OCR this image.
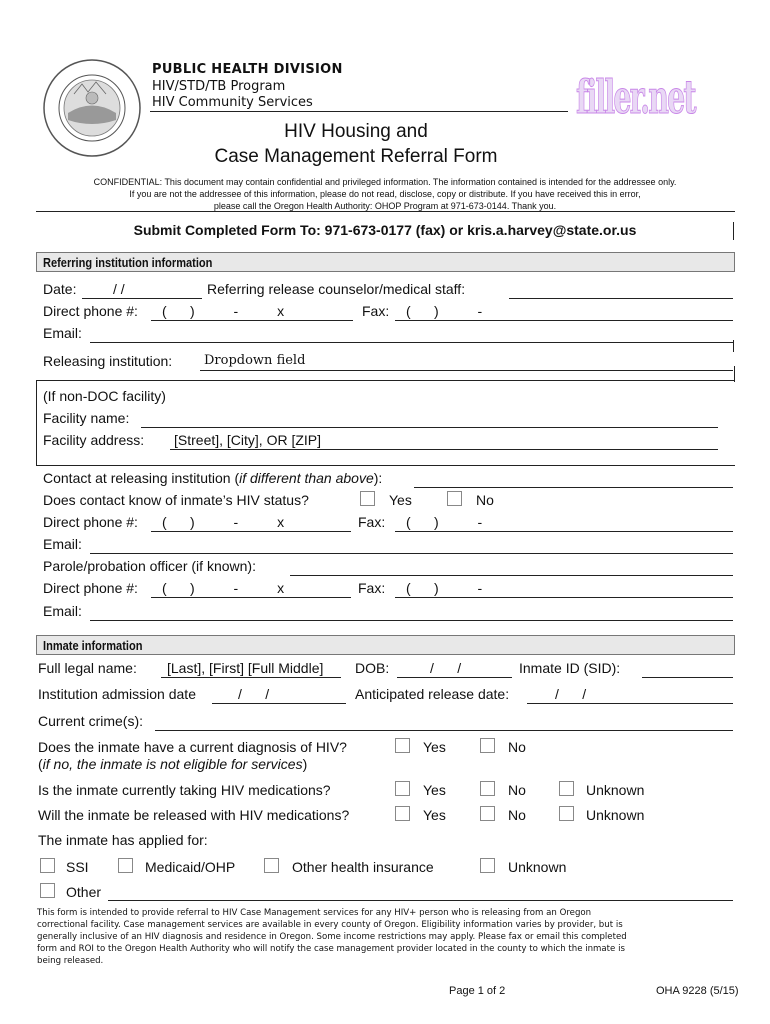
PUBLIC HEALTH DIVISION
HIV/STD/TB Program
HIV Community Services	filler.net
HIV Housing and
Case Management Referral Form
CONFIDENTIAL: This document may contain confidential and privileged information. The information contained is intended for the addressee only.
If you are not the addressee of this information, please do not read, disclose, copy or distribute. If you have received this in error,
please call the Oregon Health Authority: OHOP Program at 971-673-0144. Thank you.
Submit Completed Form To: 971-673-0177 (fax) or kris.a.harvey@state.or.us
Referring institution information
Date:	/ /	Referring release counselor/medical staff:
Direct phone #: (      )          -          x	Fax: (      )          -
Email:
Releasing institution: Dropdown field
(If non-DOC facility)
Facility name:
Facility address: [Street], [City], OR [ZIP]
Contact at releasing institution (if different than above):
Does contact know of inmate’s HIV status?	Yes	No
Direct phone #: (      )          -          x	Fax: (      )          -
Email:
Parole/probation officer (if known):
Direct phone #: (      )          -          x	Fax: (      )          -
Email:
Inmate information
Full legal name: [Last], [First] [Full Middle] DOB:	/      /	Inmate ID (SID):
Institution admission date	/      /	Anticipated release date:	/      /
Current crime(s):
Does the inmate have a current diagnosis of HIV?
(if no, the inmate is not eligible for services)
Yes	No
Is the inmate currently taking HIV medications?	Yes	No	Unknown
Will the inmate be released with HIV medications?	Yes	No	Unknown
The inmate has applied for:
SSI	Medicaid/OHP	Other health insurance	Unknown
Other
This form is intended to provide referral to HIV Case Management services for any HIV+ person who is releasing from an Oregon
correctional facility. Case management services are available in every county of Oregon. Eligibility information varies by provider, but is
generally inclusive of an HIV diagnosis and residence in Oregon. Some income restrictions may apply. Please fax or email this completed
form and ROI to the Oregon Health Authority who will notify the case management provider located in the county to which the inmate is
being released.
Page 1 of 2	OHA 9228 (5/15)
